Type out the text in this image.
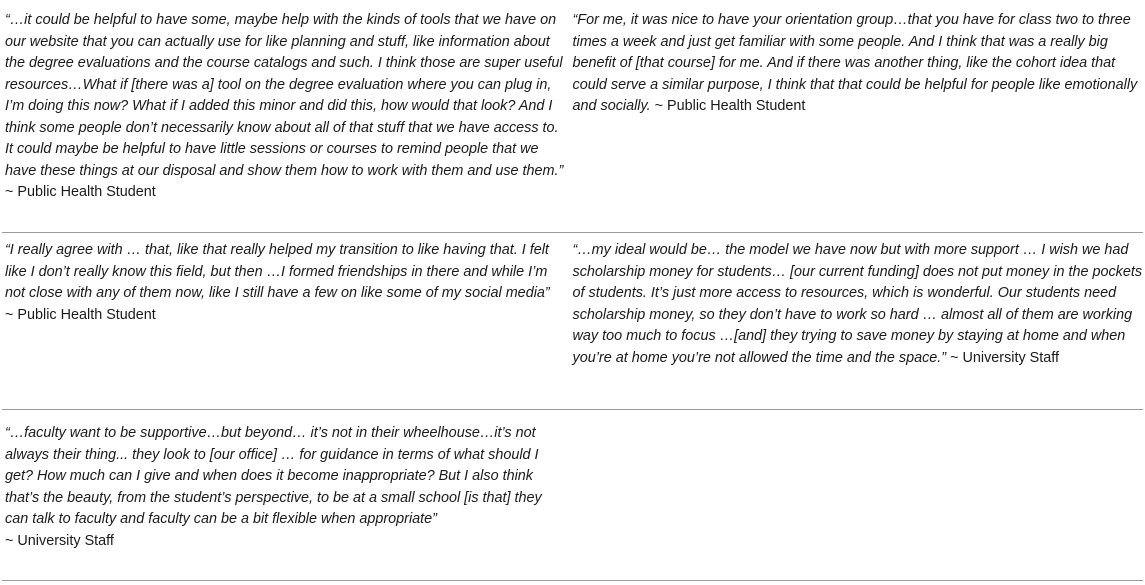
“…it could be helpful to have some, maybe help with the kinds of tools that we have on our website that you can actually use for like planning and stuff, like information about the degree evaluations and the course catalogs and such. I think those are super useful resources…What if [there was a] tool on the degree evaluation where you can plug in, I’m doing this now? What if I added this minor and did this, how would that look? And I think some people don’t necessarily know about all of that stuff that we have access to. It could maybe be helpful to have little sessions or courses to remind people that we have these things at our disposal and show them how to work with them and use them.”
~ Public Health Student
“For me, it was nice to have your orientation group…that you have for class two to three times a week and just get familiar with some people. And I think that was a really big benefit of [that course] for me. And if there was another thing, like the cohort idea that could serve a similar purpose, I think that that could be helpful for people like emotionally and socially. ~ Public Health Student
“I really agree with … that, like that really helped my transition to like having that. I felt like I don’t really know this field, but then …I formed friendships in there and while I’m not close with any of them now, like I still have a few on like some of my social media”
~ Public Health Student
“…my ideal would be… the model we have now but with more support … I wish we had scholarship money for students… [our current funding] does not put money in the pockets of students. It’s just more access to resources, which is wonderful. Our students need scholarship money, so they don’t have to work so hard … almost all of them are working way too much to focus …[and] they trying to save money by staying at home and when you’re at home you’re not allowed the time and the space.” ~ University Staff
“…faculty want to be supportive…but beyond… it’s not in their wheelhouse…it’s not always their thing... they look to [our office] … for guidance in terms of what should I get? How much can I give and when does it become inappropriate? But I also think that’s the beauty, from the student’s perspective, to be at a small school [is that] they can talk to faculty and faculty can be a bit flexible when appropriate”
~ University Staff
